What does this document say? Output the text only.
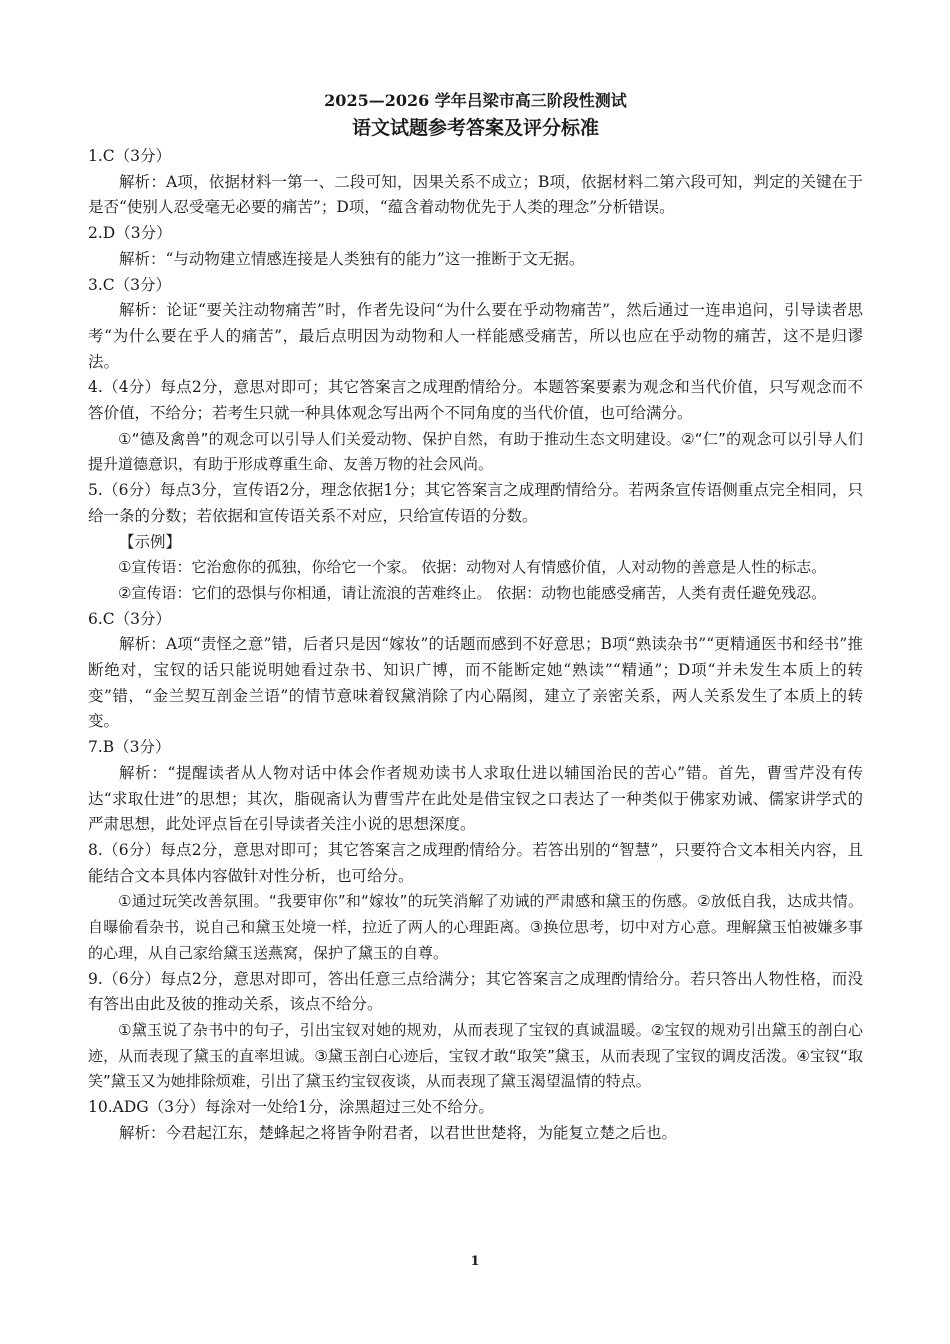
2025—2026 学年吕梁市高三阶段性测试

语文试题参考答案及评分标准

1.C（3分）

解析：A项，依据材料一第一、二段可知，因果关系不成立；B项，依据材料二第六段可知，判定的关键在于是否“使别人忍受毫无必要的痛苦”；D项，“蕴含着动物优先于人类的理念”分析错误。

2.D（3分）

解析：“与动物建立情感连接是人类独有的能力”这一推断于文无据。

3.C（3分）

解析：论证“要关注动物痛苦”时，作者先设问“为什么要在乎动物痛苦”，然后通过一连串追问，引导读者思考“为什么要在乎人的痛苦”，最后点明因为动物和人一样能感受痛苦，所以也应在乎动物的痛苦，这不是归谬法。

4.（4分）每点2分，意思对即可；其它答案言之成理酌情给分。本题答案要素为观念和当代价值，只写观念而不答价值，不给分；若考生只就一种具体观念写出两个不同角度的当代价值，也可给满分。

①“德及禽兽”的观念可以引导人们关爱动物、保护自然，有助于推动生态文明建设。②“仁”的观念可以引导人们提升道德意识，有助于形成尊重生命、友善万物的社会风尚。

5.（6分）每点3分，宣传语2分，理念依据1分；其它答案言之成理酌情给分。若两条宣传语侧重点完全相同，只给一条的分数；若依据和宣传语关系不对应，只给宣传语的分数。

【示例】

①宣传语：它治愈你的孤独，你给它一个家。 依据：动物对人有情感价值，人对动物的善意是人性的标志。

②宣传语：它们的恐惧与你相通，请让流浪的苦难终止。 依据：动物也能感受痛苦，人类有责任避免残忍。

6.C（3分）

解析：A项“责怪之意”错，后者只是因“嫁妆”的话题而感到不好意思；B项“熟读杂书”“更精通医书和经书”推断绝对，宝钗的话只能说明她看过杂书、知识广博，而不能断定她“熟读”“精通”；D项“并未发生本质上的转变”错，“金兰契互剖金兰语”的情节意味着钗黛消除了内心隔阂，建立了亲密关系，两人关系发生了本质上的转变。

7.B（3分）

解析：“提醒读者从人物对话中体会作者规劝读书人求取仕进以辅国治民的苦心”错。首先，曹雪芹没有传达“求取仕进”的思想；其次，脂砚斋认为曹雪芹在此处是借宝钗之口表达了一种类似于佛家劝诫、儒家讲学式的严肃思想，此处评点旨在引导读者关注小说的思想深度。

8.（6分）每点2分，意思对即可；其它答案言之成理酌情给分。若答出别的“智慧”，只要符合文本相关内容，且能结合文本具体内容做针对性分析，也可给分。

①通过玩笑改善氛围。“我要审你”和“嫁妆”的玩笑消解了劝诫的严肃感和黛玉的伤感。②放低自我，达成共情。自曝偷看杂书，说自己和黛玉处境一样，拉近了两人的心理距离。③换位思考，切中对方心意。理解黛玉怕被嫌多事的心理，从自己家给黛玉送燕窝，保护了黛玉的自尊。

9.（6分）每点2分，意思对即可，答出任意三点给满分；其它答案言之成理酌情给分。若只答出人物性格，而没有答出由此及彼的推动关系，该点不给分。

①黛玉说了杂书中的句子，引出宝钗对她的规劝，从而表现了宝钗的真诚温暖。②宝钗的规劝引出黛玉的剖白心迹，从而表现了黛玉的直率坦诚。③黛玉剖白心迹后，宝钗才敢“取笑”黛玉，从而表现了宝钗的调皮活泼。④宝钗“取笑”黛玉又为她排除烦难，引出了黛玉约宝钗夜谈，从而表现了黛玉渴望温情的特点。

10.ADG（3分）每涂对一处给1分，涂黑超过三处不给分。

解析：今君起江东，楚蜂起之将皆争附君者，以君世世楚将，为能复立楚之后也。

1
